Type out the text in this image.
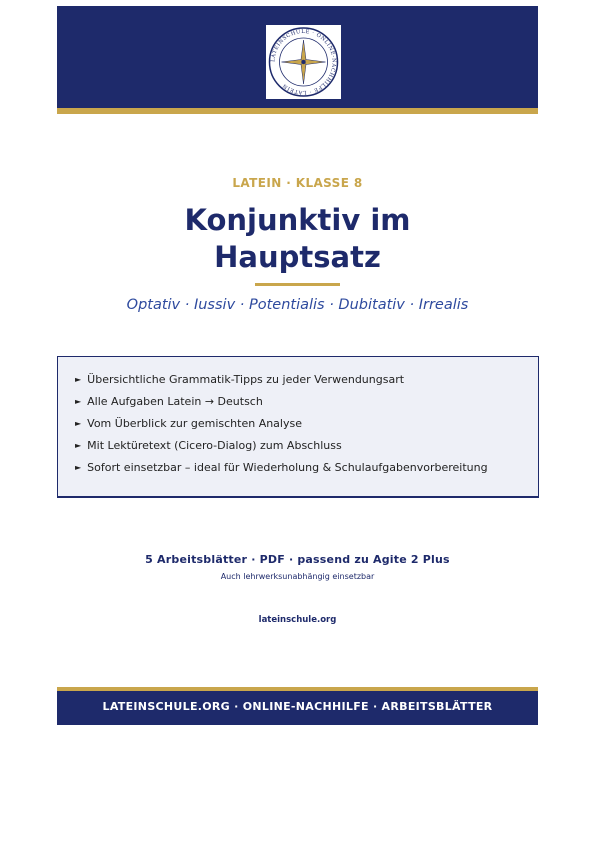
LATEINSCHULE · ONLINE-NACHHILFE · LATEIN
LATEIN · KLASSE 8
Konjunktiv im
Hauptsatz
Optativ · Iussiv · Potentialis · Dubitativ · Irrealis
► Übersichtliche Grammatik-Tipps zu jeder Verwendungsart
► Alle Aufgaben Latein → Deutsch
► Vom Überblick zur gemischten Analyse
► Mit Lektüretext (Cicero-Dialog) zum Abschluss
► Sofort einsetzbar – ideal für Wiederholung & Schulaufgabenvorbereitung
5 Arbeitsblätter · PDF · passend zu Agite 2 Plus
Auch lehrwerksunabhängig einsetzbar
lateinschule.org
LATEINSCHULE.ORG · ONLINE-NACHHILFE · ARBEITSBLÄTTER
